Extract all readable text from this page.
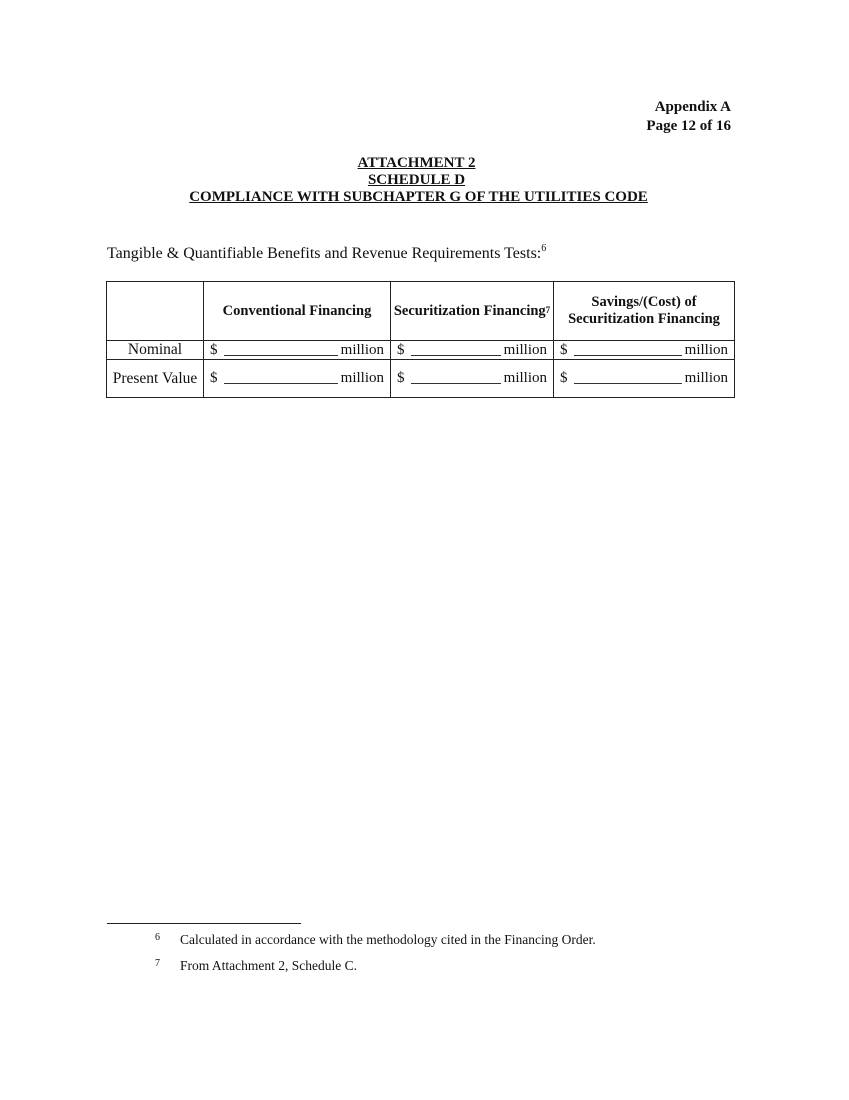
Appendix A
Page 12 of 16
ATTACHMENT 2
SCHEDULE D
COMPLIANCE WITH SUBCHAPTER G OF THE UTILITIES CODE
Tangible & Quantifiable Benefits and Revenue Requirements Tests:$^6$
	Conventional Financing	Securitization Financing$^7$	Savings/(Cost) of Securitization Financing
Nominal	$ million	$ million	$ million

Present Value	$ million	$ million	$ million
6 Calculated in accordance with the methodology cited in the Financing Order.
7 From Attachment 2, Schedule C.
